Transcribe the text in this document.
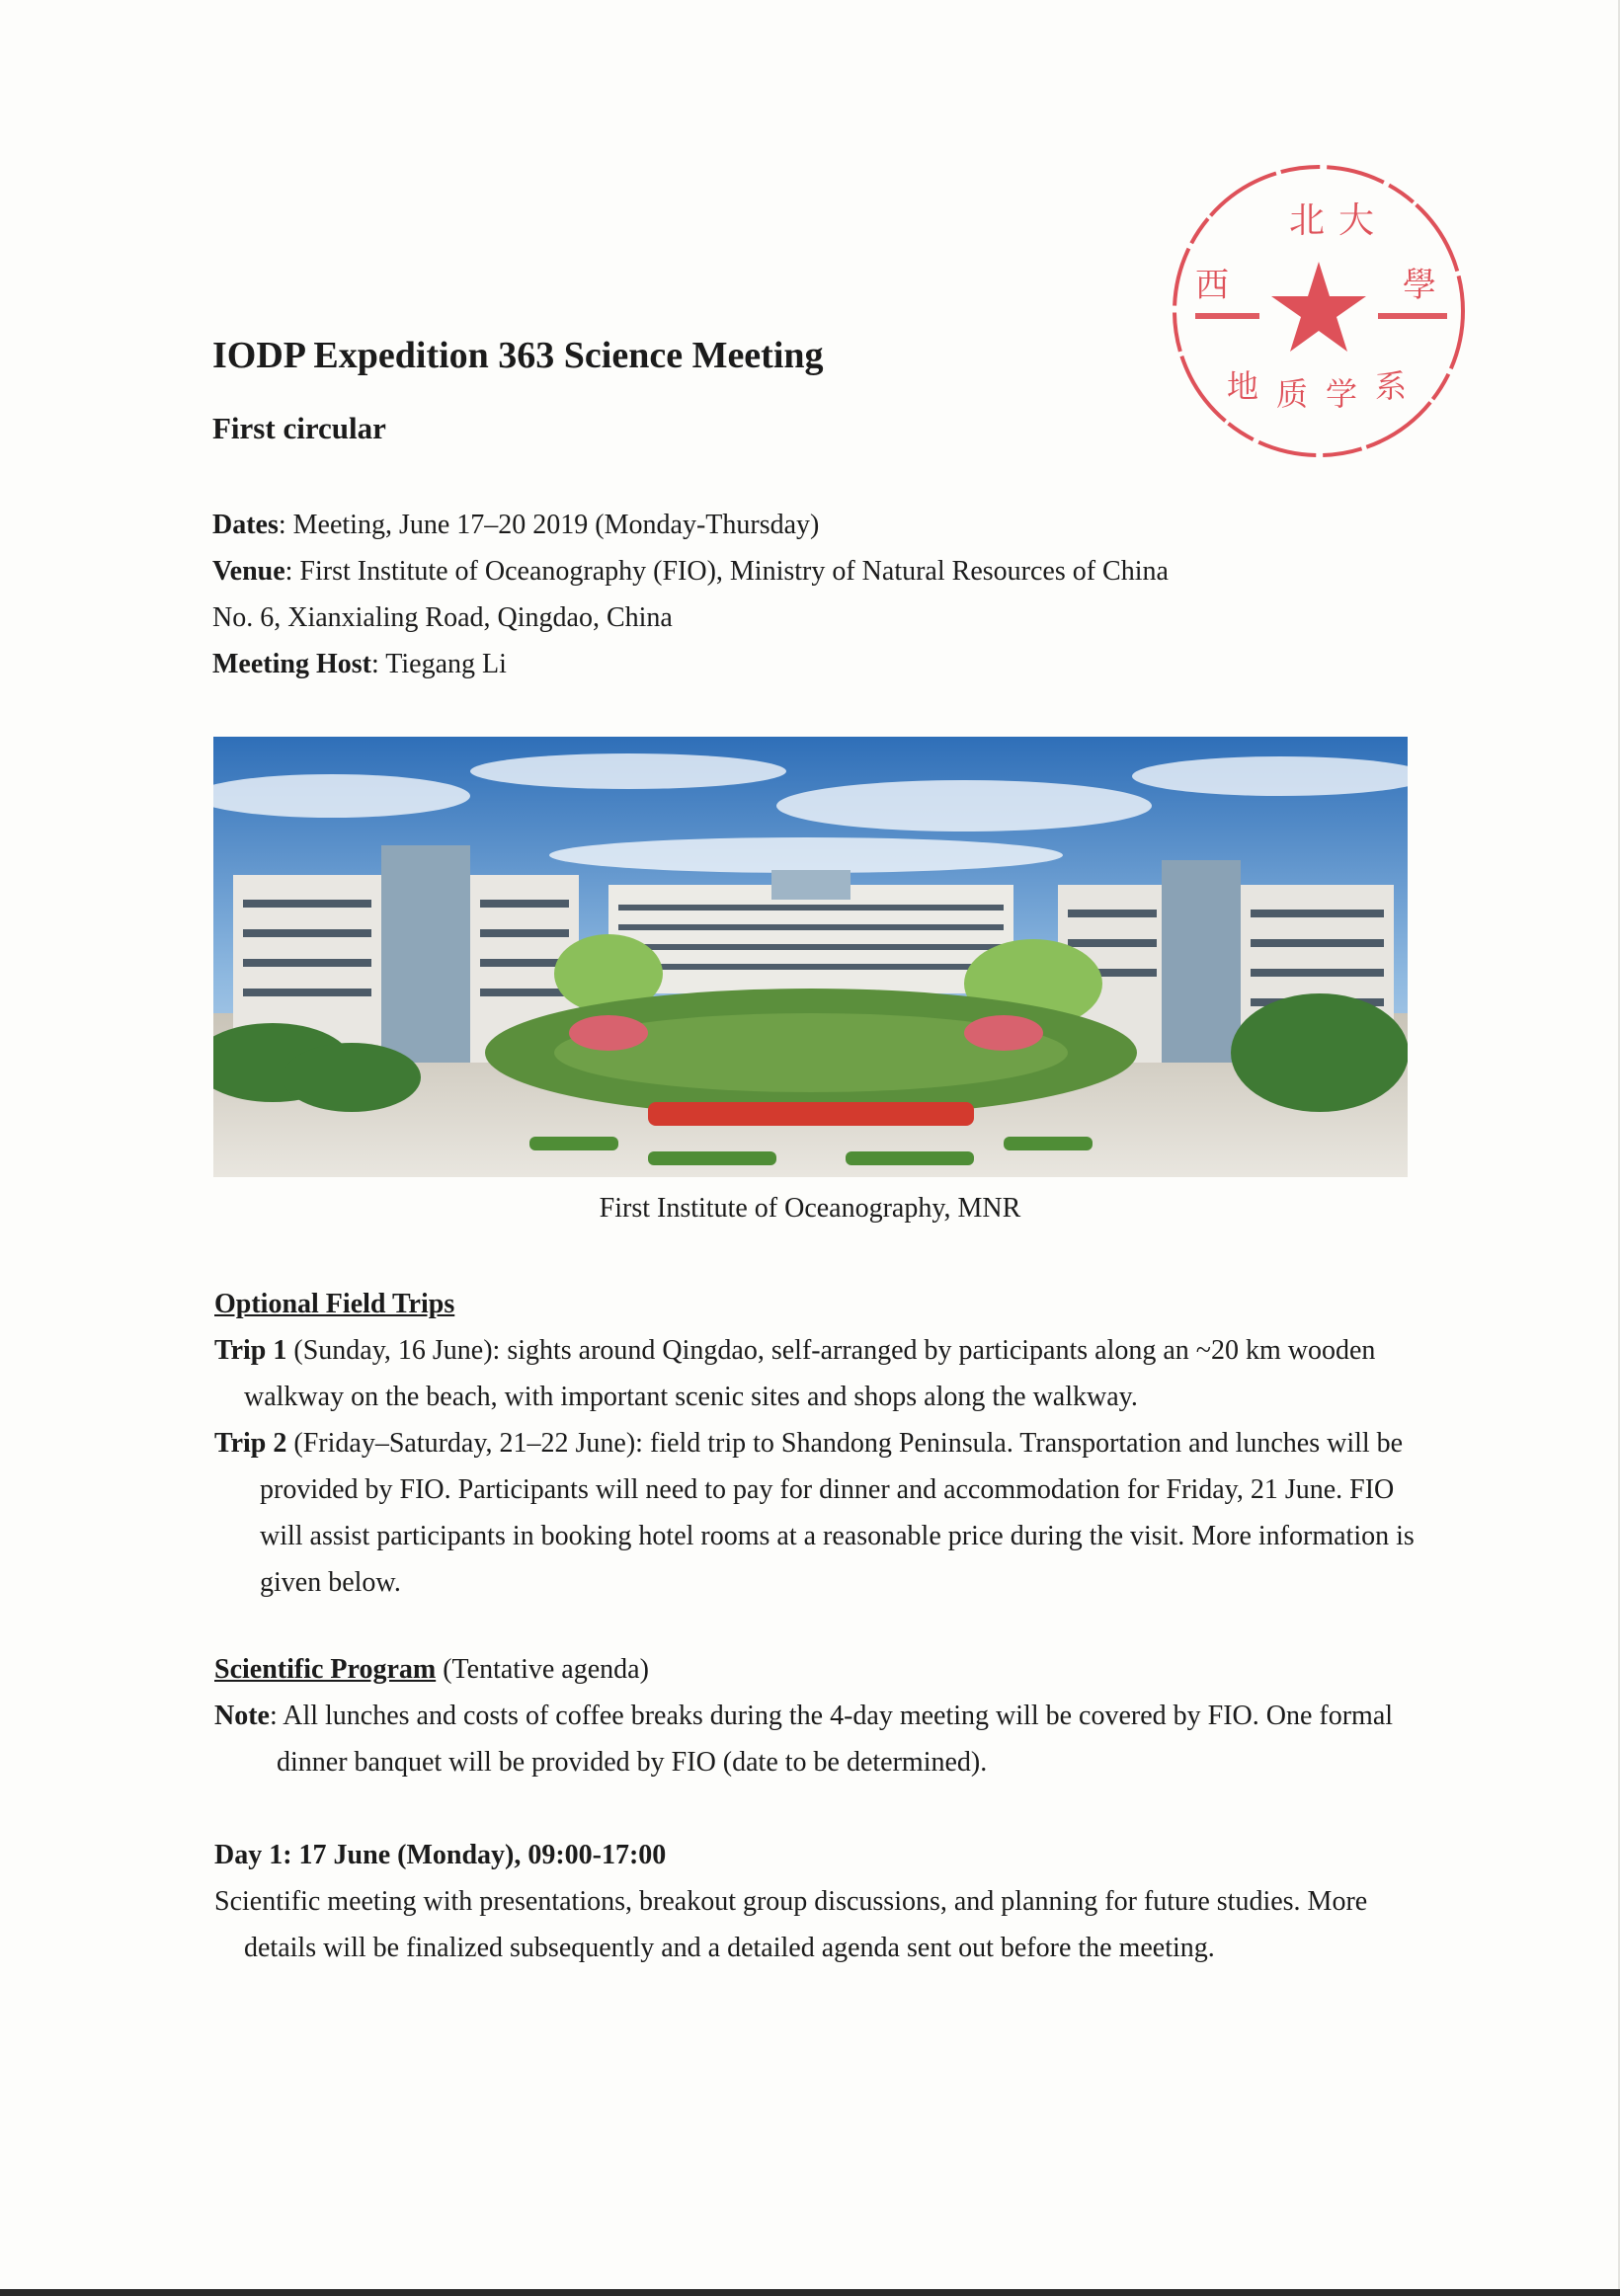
IODP Expedition 363 Science Meeting
First circular
北 大
西	學
地 质 学 系
Dates: Meeting, June 17–20 2019 (Monday-Thursday)
Venue: First Institute of Oceanography (FIO), Ministry of Natural Resources of China
No. 6, Xianxialing Road, Qingdao, China
Meeting Host: Tiegang Li
First Institute of Oceanography, MNR
Optional Field Trips
Trip 1 (Sunday, 16 June): sights around Qingdao, self-arranged by participants along an ~20 km wooden walkway on the beach, with important scenic sites and shops along the walkway.
Trip 2 (Friday–Saturday, 21–22 June): field trip to Shandong Peninsula. Transportation and lunches will be provided by FIO. Participants will need to pay for dinner and accommodation for Friday, 21 June. FIO will assist participants in booking hotel rooms at a reasonable price during the visit. More information is given below.
Scientific Program (Tentative agenda)
Note: All lunches and costs of coffee breaks during the 4-day meeting will be covered by FIO. One formal dinner banquet will be provided by FIO (date to be determined).
Day 1: 17 June (Monday), 09:00-17:00
Scientific meeting with presentations, breakout group discussions, and planning for future studies. More details will be finalized subsequently and a detailed agenda sent out before the meeting.
